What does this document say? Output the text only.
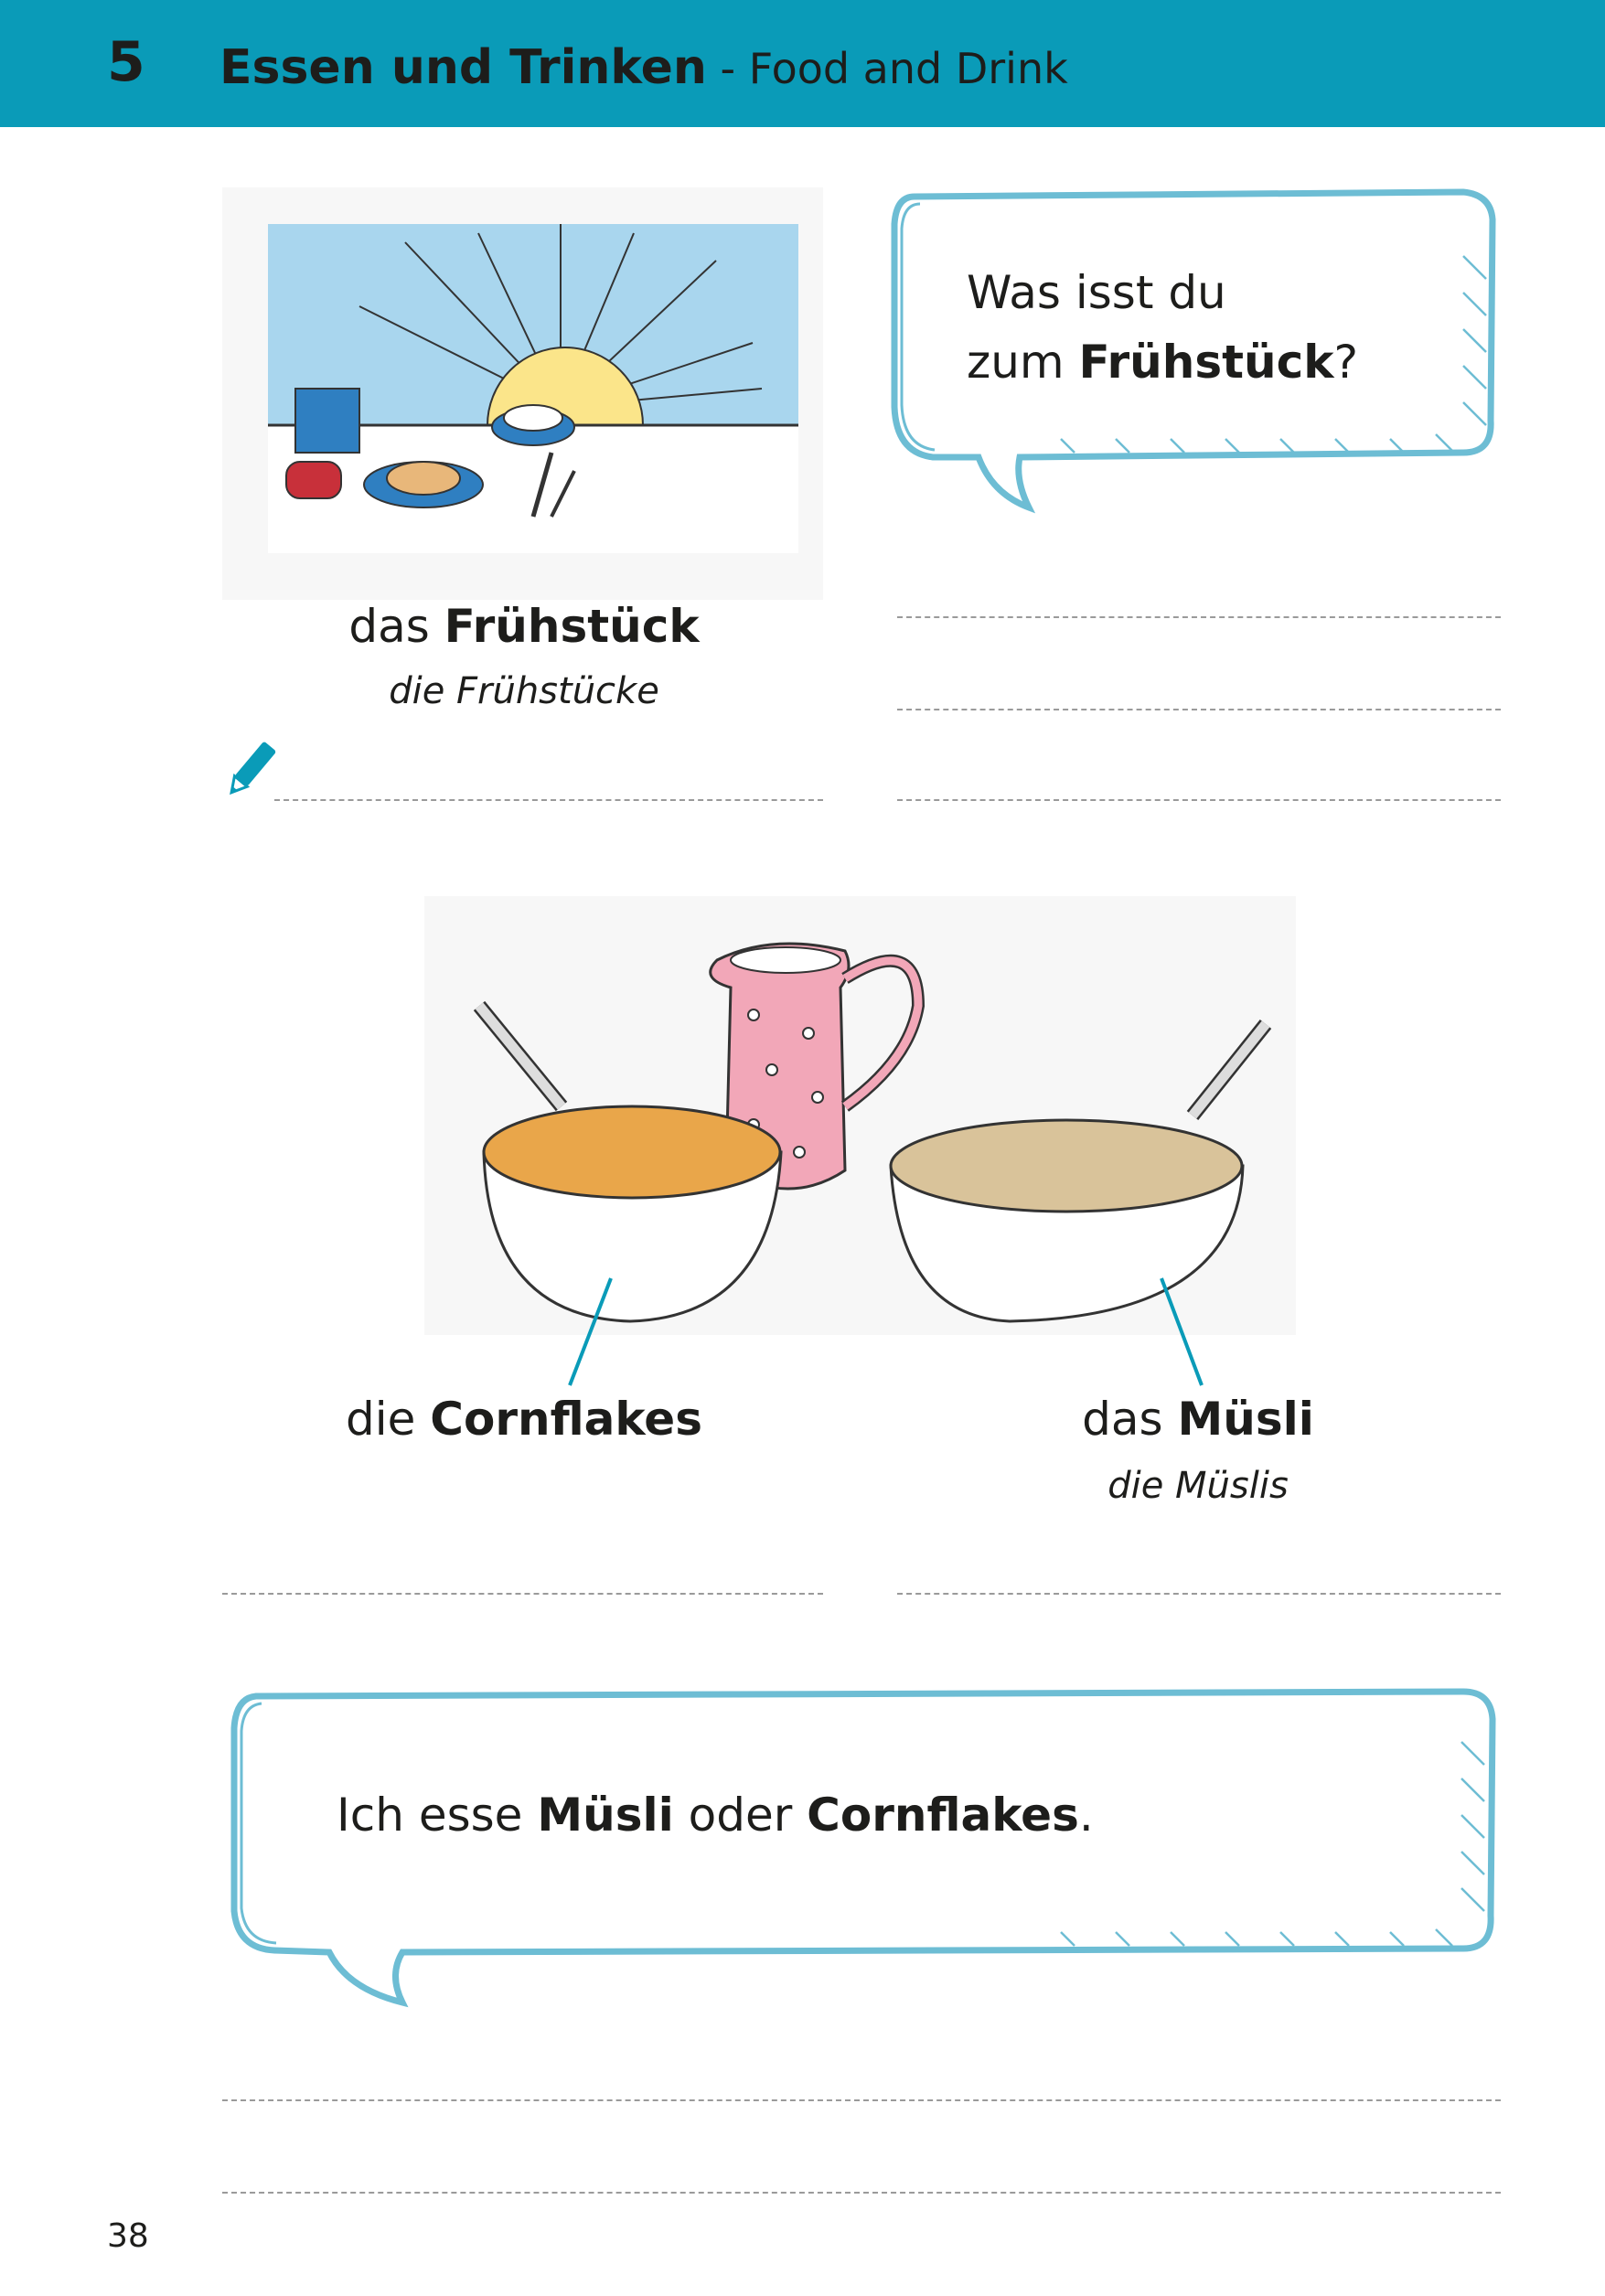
5 Essen und Trinken - Food and Drink
Was isst du
zum Frühstück?
das Frühstück
die Frühstücke
die Cornflakes	das Müsli
die Müslis
Ich esse Müsli oder Cornflakes.
38
